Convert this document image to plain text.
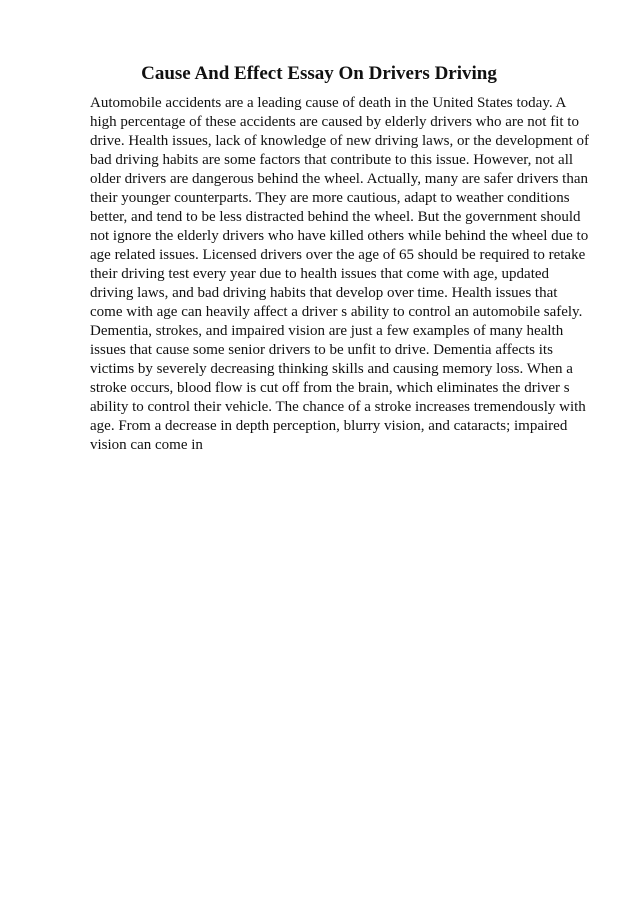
Cause And Effect Essay On Drivers Driving
Automobile accidents are a leading cause of death in the United States today. A
high percentage of these accidents are caused by elderly drivers who are not fit to
drive. Health issues, lack of knowledge of new driving laws, or the development of
bad driving habits are some factors that contribute to this issue. However, not all
older drivers are dangerous behind the wheel. Actually, many are safer drivers than
their younger counterparts. They are more cautious, adapt to weather conditions
better, and tend to be less distracted behind the wheel. But the government should
not ignore the elderly drivers who have killed others while behind the wheel due to
age related issues. Licensed drivers over the age of 65 should be required to retake
their driving test every year due to health issues that come with age, updated
driving laws, and bad driving habits that develop over time. Health issues that
come with age can heavily affect a driver s ability to control an automobile safely.
Dementia, strokes, and impaired vision are just a few examples of many health
issues that cause some senior drivers to be unfit to drive. Dementia affects its
victims by severely decreasing thinking skills and causing memory loss. When a
stroke occurs, blood flow is cut off from the brain, which eliminates the driver s
ability to control their vehicle. The chance of a stroke increases tremendously with
age. From a decrease in depth perception, blurry vision, and cataracts; impaired
vision can come in
